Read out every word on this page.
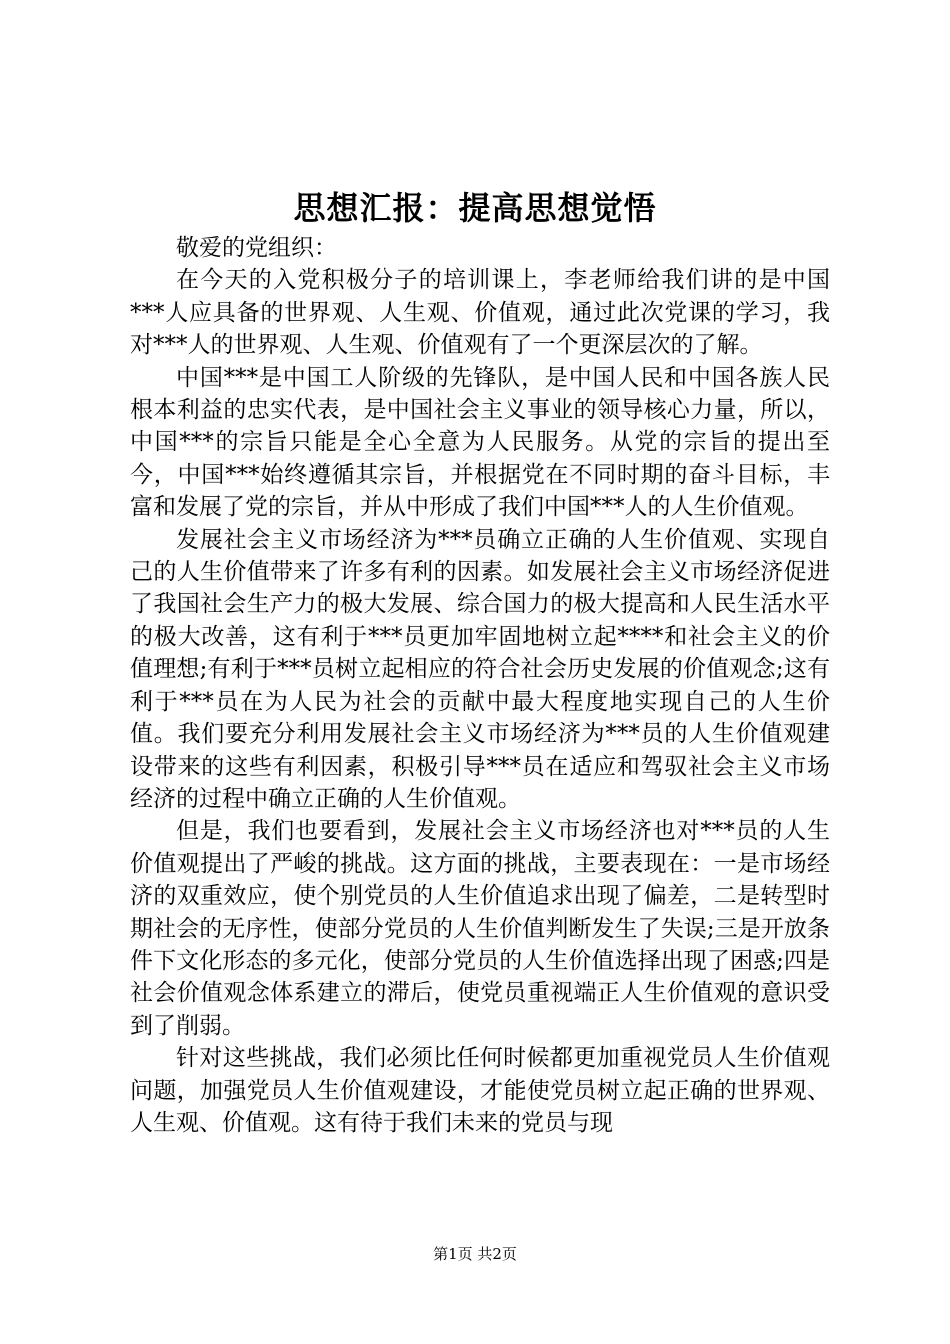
思想汇报：提高思想觉悟

敬爱的党组织：

在今天的入党积极分子的培训课上，李老师给我们讲的是中国***人应具备的世界观、人生观、价值观，通过此次党课的学习，我对***人的世界观、人生观、价值观有了一个更深层次的了解。

中国***是中国工人阶级的先锋队，是中国人民和中国各族人民根本利益的忠实代表，是中国社会主义事业的领导核心力量，所以，中国***的宗旨只能是全心全意为人民服务。从党的宗旨的提出至今，中国***始终遵循其宗旨，并根据党在不同时期的奋斗目标，丰富和发展了党的宗旨，并从中形成了我们中国***人的人生价值观。

发展社会主义市场经济为***员确立正确的人生价值观、实现自己的人生价值带来了许多有利的因素。如发展社会主义市场经济促进了我国社会生产力的极大发展、综合国力的极大提高和人民生活水平的极大改善，这有利于***员更加牢固地树立起****和社会主义的价值理想;有利于***员树立起相应的符合社会历史发展的价值观念;这有利于***员在为人民为社会的贡献中最大程度地实现自己的人生价值。我们要充分利用发展社会主义市场经济为***员的人生价值观建设带来的这些有利因素，积极引导***员在适应和驾驭社会主义市场经济的过程中确立正确的人生价值观。

但是，我们也要看到，发展社会主义市场经济也对***员的人生价值观提出了严峻的挑战。这方面的挑战，主要表现在：一是市场经济的双重效应，使个别党员的人生价值追求出现了偏差，二是转型时期社会的无序性，使部分党员的人生价值判断发生了失误;三是开放条件下文化形态的多元化，使部分党员的人生价值选择出现了困惑;四是社会价值观念体系建立的滞后，使党员重视端正人生价值观的意识受到了削弱。

针对这些挑战，我们必须比任何时候都更加重视党员人生价值观问题，加强党员人生价值观建设，才能使党员树立起正确的世界观、人生观、价值观。这有待于我们未来的党员与现

第1页 共2页
